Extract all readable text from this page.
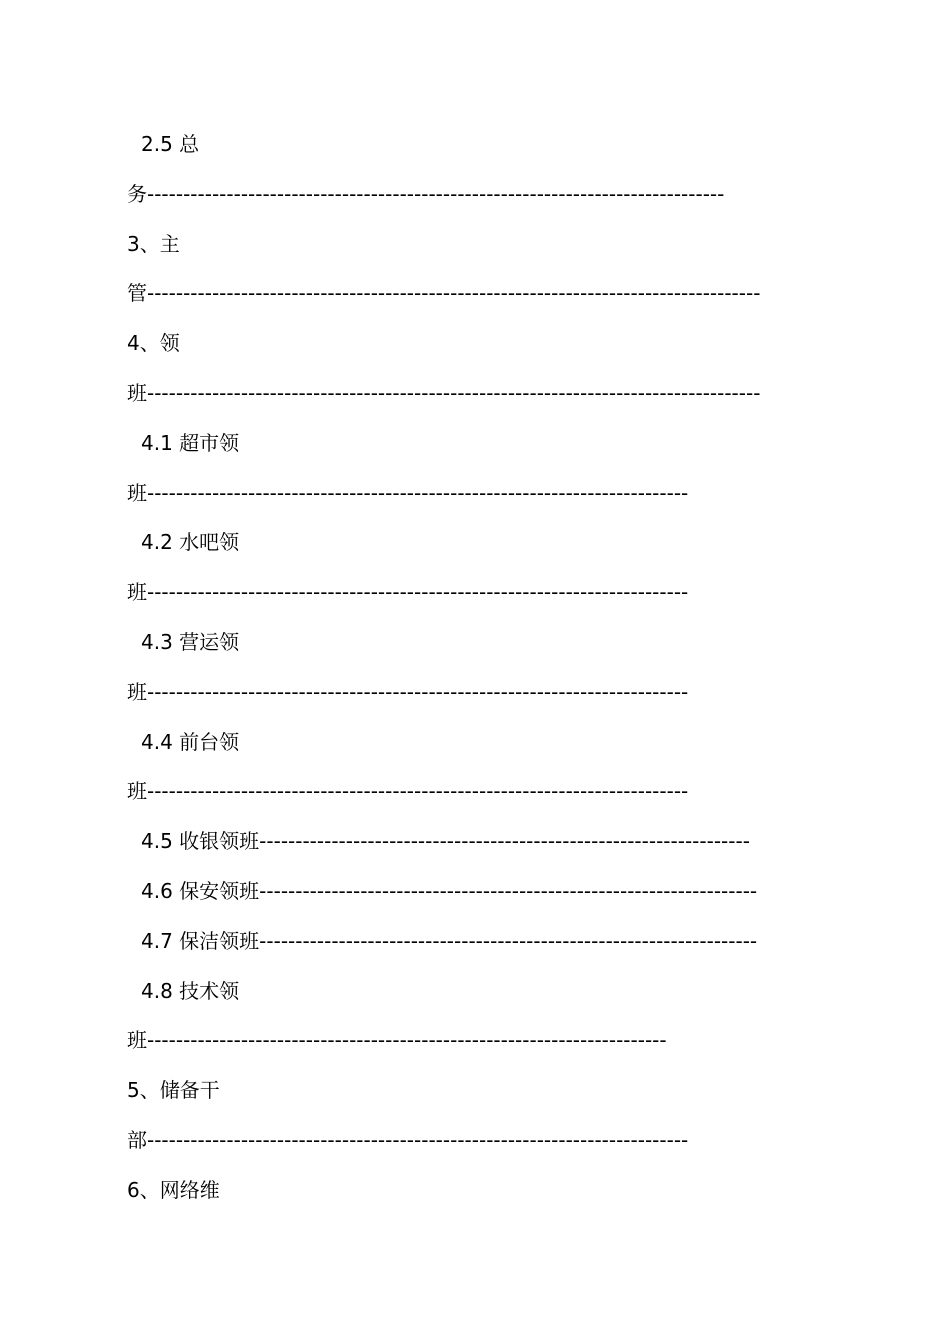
2.5 总
务--------------------------------------------------------------------------------
3、主
管-------------------------------------------------------------------------------------
4、领
班-------------------------------------------------------------------------------------
4.1 超市领
班---------------------------------------------------------------------------
4.2 水吧领
班---------------------------------------------------------------------------
4.3 营运领
班---------------------------------------------------------------------------
4.4 前台领
班---------------------------------------------------------------------------
4.5 收银领班--------------------------------------------------------------------
4.6 保安领班---------------------------------------------------------------------
4.7 保洁领班---------------------------------------------------------------------
4.8 技术领
班------------------------------------------------------------------------
5、储备干
部---------------------------------------------------------------------------
6、网络维
